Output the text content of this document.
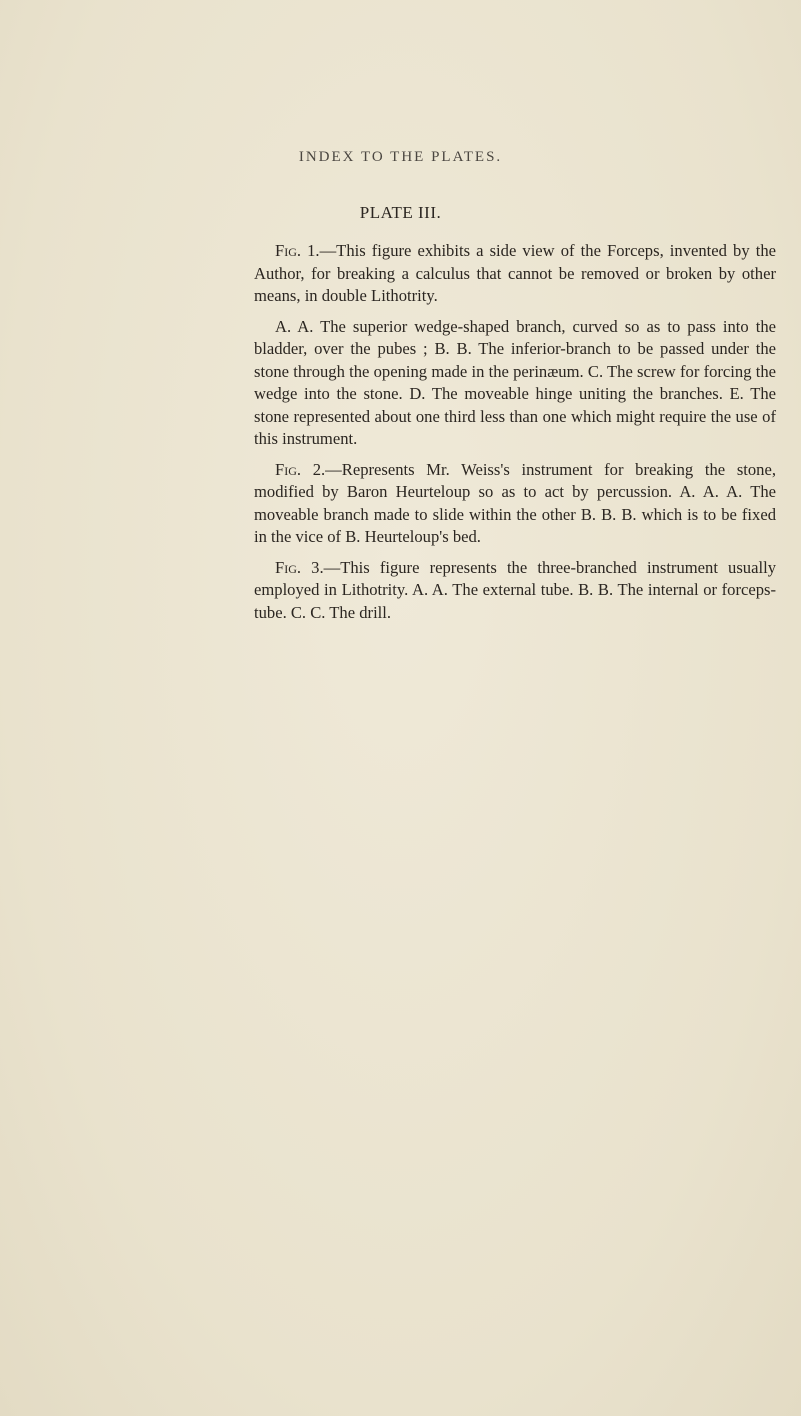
INDEX TO THE PLATES.
PLATE III.

Fig. 1.—This figure exhibits a side view of the Forceps, invented by the Author, for breaking a calculus that cannot be removed or broken by other means, in double Lithotrity.

A. A. The superior wedge-shaped branch, curved so as to pass into the bladder, over the pubes ; B. B. The inferior-branch to be passed under the stone through the opening made in the perinæum. C. The screw for forcing the wedge into the stone. D. The moveable hinge uniting the branches. E. The stone represented about one third less than one which might require the use of this instrument.

Fig. 2.—Represents Mr. Weiss's instrument for breaking the stone, modified by Baron Heurteloup so as to act by percussion. A. A. A. The moveable branch made to slide within the other B. B. B. which is to be fixed in the vice of B. Heurteloup's bed.

Fig. 3.—This figure represents the three-branched instrument usually employed in Lithotrity. A. A. The external tube. B. B. The internal or forceps-tube. C. C. The drill.
